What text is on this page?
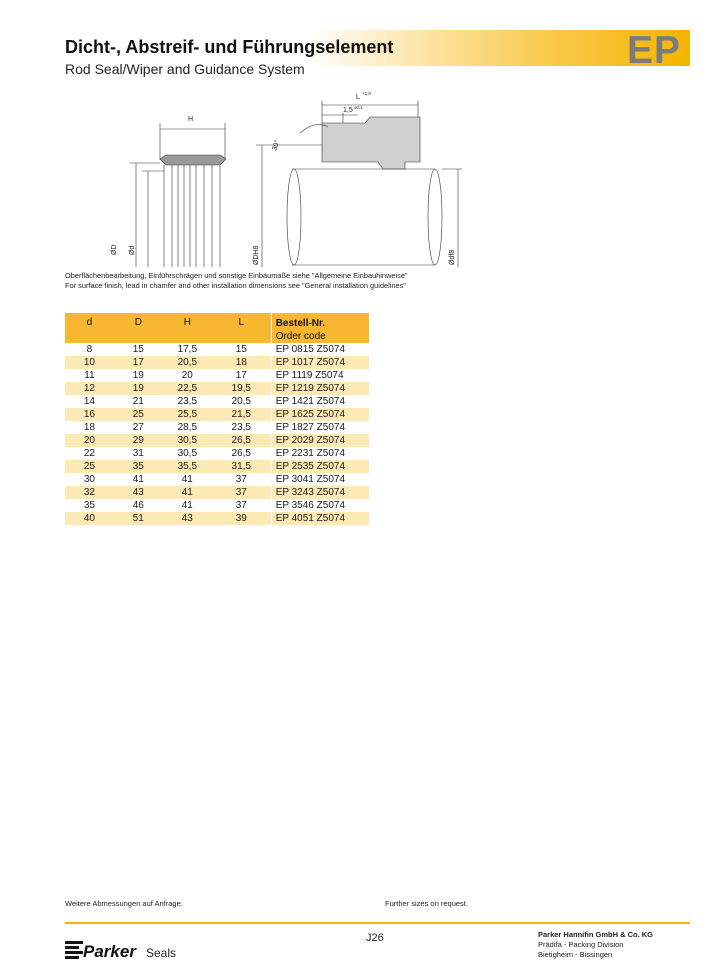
Dicht-, Abstreif- und Führungselement
Rod Seal/Wiper and Guidance System	EP
H
L
+1,0
1,5 ±0,1
30°
ØD Ød	ØDH8	Ødf8
Oberflächenbearbeitung, Einführschrägen und sonstige Einbaumaße siehe "Allgemeine Einbauhinweise"
For surface finish, lead in chamfer and other installation dimensions see "General installation guidelines"
d	D	H	L	Bestell-Nr.
Order code

8	15	17,5	15	EP 0815 Z5074
10	17	20,5	18	EP 1017 Z5074
11	19	20	17	EP 1119 Z5074
12	19	22,5	19,5	EP 1219 Z5074
14	21	23,5	20,5	EP 1421 Z5074
16	25	25,5	21,5	EP 1625 Z5074
18	27	28,5	23,5	EP 1827 Z5074
20	29	30,5	26,5	EP 2029 Z5074
22	31	30,5	26,5	EP 2231 Z5074
25	35	35,5	31,5	EP 2535 Z5074
30	41	41	37	EP 3041 Z5074
32	43	41	37	EP 3243 Z5074
35	46	41	37	EP 3546 Z5074
40	51	43	39	EP 4051 Z5074
Weitere Abmessungen auf Anfrage.	Further sizes on request.
J26	Parker Hannifin GmbH & Co. KG
Prädifa - Packing Division
Bietigheim - Bissingen
Parker Seals
